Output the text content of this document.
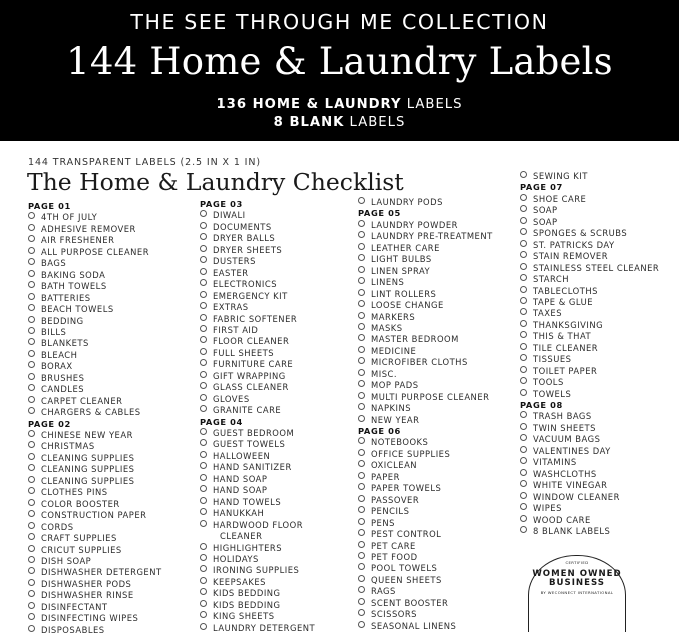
THE SEE THROUGH ME COLLECTION
144 Home & Laundry Labels
136 HOME & LAUNDRY LABELS
8 BLANK LABELS
144 TRANSPARENT LABELS (2.5 IN X 1 IN)
The Home & Laundry Checklist
PAGE 01
4TH OF JULY
ADHESIVE REMOVER
AIR FRESHENER
ALL PURPOSE CLEANER
BAGS
BAKING SODA
BATH TOWELS
BATTERIES
BEACH TOWELS
BEDDING
BILLS
BLANKETS
BLEACH
BORAX
BRUSHES
CANDLES
CARPET CLEANER
CHARGERS & CABLES
PAGE 02
CHINESE NEW YEAR
CHRISTMAS
CLEANING SUPPLIES
CLEANING SUPPLIES
CLEANING SUPPLIES
CLOTHES PINS
COLOR BOOSTER
CONSTRUCTION PAPER
CORDS
CRAFT SUPPLIES
CRICUT SUPPLIES
DISH SOAP
DISHWASHER DETERGENT
DISHWASHER PODS
DISHWASHER RINSE
DISINFECTANT
DISINFECTING WIPES
DISPOSABLES
PAGE 03
DIWALI
DOCUMENTS
DRYER BALLS
DRYER SHEETS
DUSTERS
EASTER
ELECTRONICS
EMERGENCY KIT
EXTRAS
FABRIC SOFTENER
FIRST AID
FLOOR CLEANER
FULL SHEETS
FURNITURE CARE
GIFT WRAPPING
GLASS CLEANER
GLOVES
GRANITE CARE
PAGE 04
GUEST BEDROOM
GUEST TOWELS
HALLOWEEN
HAND SANITIZER
HAND SOAP
HAND SOAP
HAND TOWELS
HANUKKAH
HARDWOOD FLOOR
CLEANER
HIGHLIGHTERS
HOLIDAYS
IRONING SUPPLIES
KEEPSAKES
KIDS BEDDING
KIDS BEDDING
KING SHEETS
LAUNDRY DETERGENT
LAUNDRY PODS
PAGE 05
LAUNDRY POWDER
LAUNDRY PRE-TREATMENT
LEATHER CARE
LIGHT BULBS
LINEN SPRAY
LINENS
LINT ROLLERS
LOOSE CHANGE
MARKERS
MASKS
MASTER BEDROOM
MEDICINE
MICROFIBER CLOTHS
MISC.
MOP PADS
MULTI PURPOSE CLEANER
NAPKINS
NEW YEAR
PAGE 06
NOTEBOOKS
OFFICE SUPPLIES
OXICLEAN
PAPER
PAPER TOWELS
PASSOVER
PENCILS
PENS
PEST CONTROL
PET CARE
PET FOOD
POOL TOWELS
QUEEN SHEETS
RAGS
SCENT BOOSTER
SCISSORS
SEASONAL LINENS
SEWING KIT
PAGE 07
SHOE CARE
SOAP
SOAP
SPONGES & SCRUBS
ST. PATRICKS DAY
STAIN REMOVER
STAINLESS STEEL CLEANER
STARCH
TABLECLOTHS
TAPE & GLUE
TAXES
THANKSGIVING
THIS & THAT
TILE CLEANER
TISSUES
TOILET PAPER
TOOLS
TOWELS
PAGE 08
TRASH BAGS
TWIN SHEETS
VACUUM BAGS
VALENTINES DAY
VITAMINS
WASHCLOTHS
WHITE VINEGAR
WINDOW CLEANER
WIPES
WOOD CARE
8 BLANK LABELS
CERTIFIED
WOMEN OWNED
BUSINESS
BY WECONNECT INTERNATIONAL
